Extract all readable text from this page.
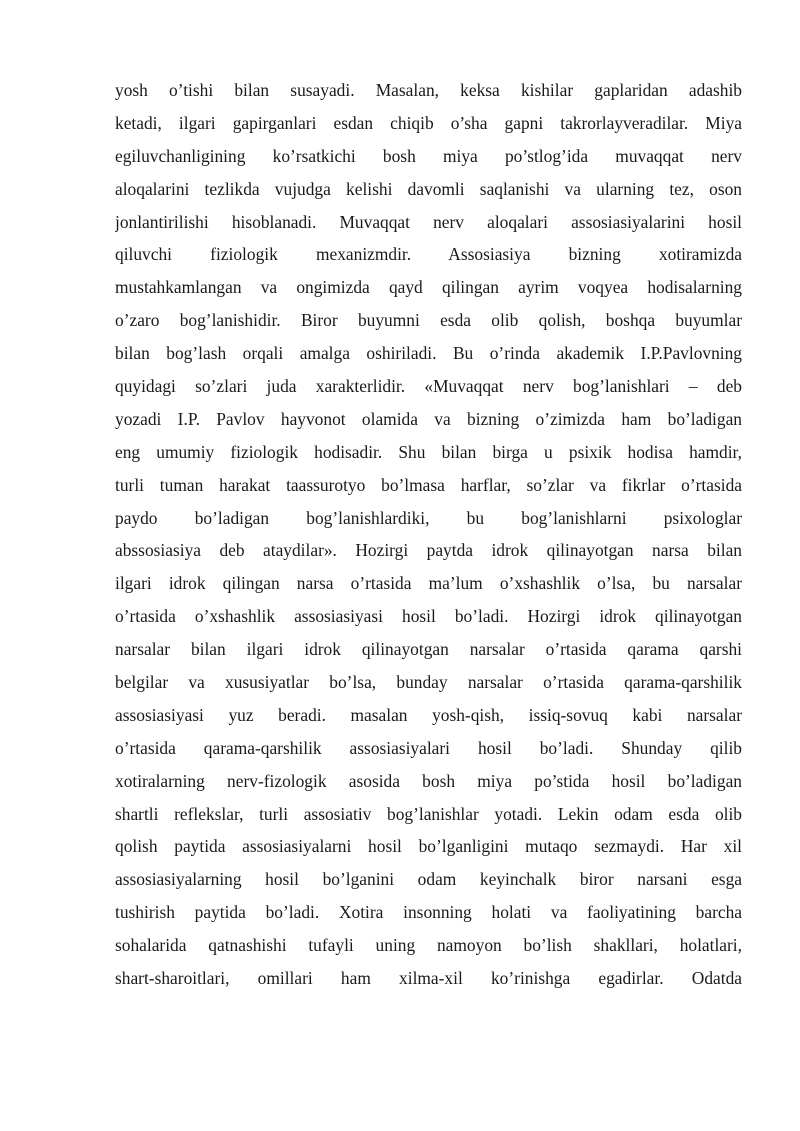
yosh o’tishi bilan susayadi. Masalan, keksa kishilar gaplaridan adashib
ketadi, ilgari gapirganlari esdan chiqib o’sha gapni takrorlayveradilar. Miya
egiluvchanligining ko’rsatkichi bosh miya po’stlog’ida muvaqqat nerv
aloqalarini tezlikda vujudga kelishi davomli saqlanishi va ularning tez, oson
jonlantirilishi hisoblanadi. Muvaqqat nerv aloqalari assosiasiyalarini hosil
qiluvchi fiziologik mexanizmdir. Assosiasiya bizning xotiramizda
mustahkamlangan va ongimizda qayd qilingan ayrim voqyea hodisalarning
o’zaro bog’lanishidir. Biror buyumni esda olib qolish, boshqa buyumlar
bilan bog’lash orqali amalga oshiriladi. Bu o’rinda akademik I.P.Pavlovning
quyidagi so’zlari juda xarakterlidir. «Muvaqqat nerv bog’lanishlari – deb
yozadi I.P. Pavlov hayvonot olamida va bizning o’zimizda ham bo’ladigan
eng umumiy fiziologik hodisadir. Shu bilan birga u psixik hodisa hamdir,
turli tuman harakat taassurotyo bo’lmasa harflar, so’zlar va fikrlar o’rtasida
paydo bo’ladigan bog’lanishlardiki, bu bog’lanishlarni psixologlar
abssosiasiya deb ataydilar». Hozirgi paytda idrok qilinayotgan narsa bilan
ilgari idrok qilingan narsa o’rtasida ma’lum o’xshashlik o’lsa, bu narsalar
o’rtasida o’xshashlik assosiasiyasi hosil bo’ladi. Hozirgi idrok qilinayotgan
narsalar bilan ilgari idrok qilinayotgan narsalar o’rtasida qarama qarshi
belgilar va xususiyatlar bo’lsa, bunday narsalar o’rtasida qarama-qarshilik
assosiasiyasi yuz beradi. masalan yosh-qish, issiq-sovuq kabi narsalar
o’rtasida qarama-qarshilik assosiasiyalari hosil bo’ladi. Shunday qilib
xotiralarning nerv-fizologik asosida bosh miya po’stida hosil bo’ladigan
shartli reflekslar, turli assosiativ bog’lanishlar yotadi. Lekin odam esda olib
qolish paytida assosiasiyalarni hosil bo’lganligini mutaqo sezmaydi. Har xil
assosiasiyalarning hosil bo’lganini odam keyinchalk biror narsani esga
tushirish paytida bo’ladi. Xotira insonning holati va faoliyatining barcha
sohalarida qatnashishi tufayli uning namoyon bo’lish shakllari, holatlari,
shart-sharoitlari, omillari ham xilma-xil ko’rinishga egadirlar. Odatda
